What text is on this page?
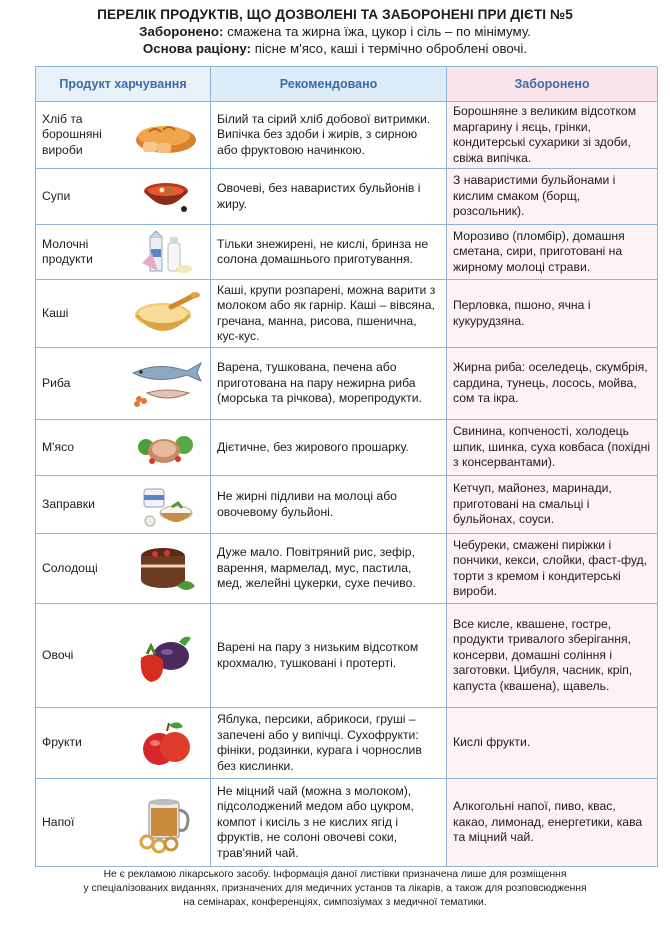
ПЕРЕЛІК ПРОДУКТІВ, ЩО ДОЗВОЛЕНІ ТА ЗАБОРОНЕНІ ПРИ ДІЄТІ №5
Заборонено: смажена та жирна їжа, цукор і сіль – по мінімуму.
Основа раціону: пісне м'ясо, каші і термічно оброблені овочі.
Продукт харчування	Рекомендовано	Заборонено

Хліб та борошняні вироби	Білий та сірий хліб добової витримки. Випічка без здоби і жирів, з сирною або фруктовою начинкою.	Борошняне з великим відсотком маргарину і яєць, грінки, кондитерські сухарики зі здоби, свіжа випічка.

Супи	Овочеві, без наваристих бульйонів і жиру.	З наваристими бульйонами і кислим смаком (борщ, розсольник).

Молочні продукти	Тільки знежирені, не кислі, бринза не солона домашнього приготування.	Морозиво (пломбір), домашня сметана, сири, приготовані на жирному молоці страви.

Каші	Каші, крупи розпарені, можна варити з молоком або як гарнір. Каші – вівсяна, гречана, манна, рисова, пшенична, кус-кус.	Перловка, пшоно, ячна і кукурудзяна.

Риба	Варена, тушкована, печена або приготована на пару нежирна риба (морська та річкова), морепродукти.	Жирна риба: оселедець, скумбрія, сардина, тунець, лосось, мойва, сом та ікра.

М'ясо	Дієтичне, без жирового прошарку.	Свинина, копченості, холодець шпик, шинка, суха ковбаса (похідні з консервантами).

Заправки	Не жирні підливи на молоці або овочевому бульйоні.	Кетчуп, майонез, маринади, приготовані на смальці і бульйонах, соуси.

Солодощі	Дуже мало. Повітряний рис, зефір, варення, мармелад, мус, пастила, мед, желейні цукерки, сухе печиво.	Чебуреки, смажені пиріжки і пончики, кекси, слойки, фаст-фуд, торти з кремом і кондитерські вироби.

Овочі	Варені на пару з низьким відсотком крохмалю, тушковані і протерті.	Все кисле, квашене, гостре, продукти тривалого зберігання, консерви, домашні соління і заготовки. Цибуля, часник, кріп, капуста (квашена), щавель.

Фрукти	Яблука, персики, абрикоси, груші – запечені або у випічці. Сухофрукти: фініки, родзинки, курага і чорнослив без кислинки.	Кислі фрукти.

Напої	Не міцний чай (можна з молоком), підсолоджений медом або цукром, компот і кисіль з не кислих ягід і фруктів, не солоні овочеві соки, трав'яний чай.	Алкогольні напої, пиво, квас, какао, лимонад, енергетики, кава та міцний чай.
Не є рекламою лікарського засобу. Інформація даної листівки призначена лише для розміщення
у спеціалізованих виданнях, призначених для медичних установ та лікарів, а також для розповсюдження
на семінарах, конференціях, симпозіумах з медичної тематики.
